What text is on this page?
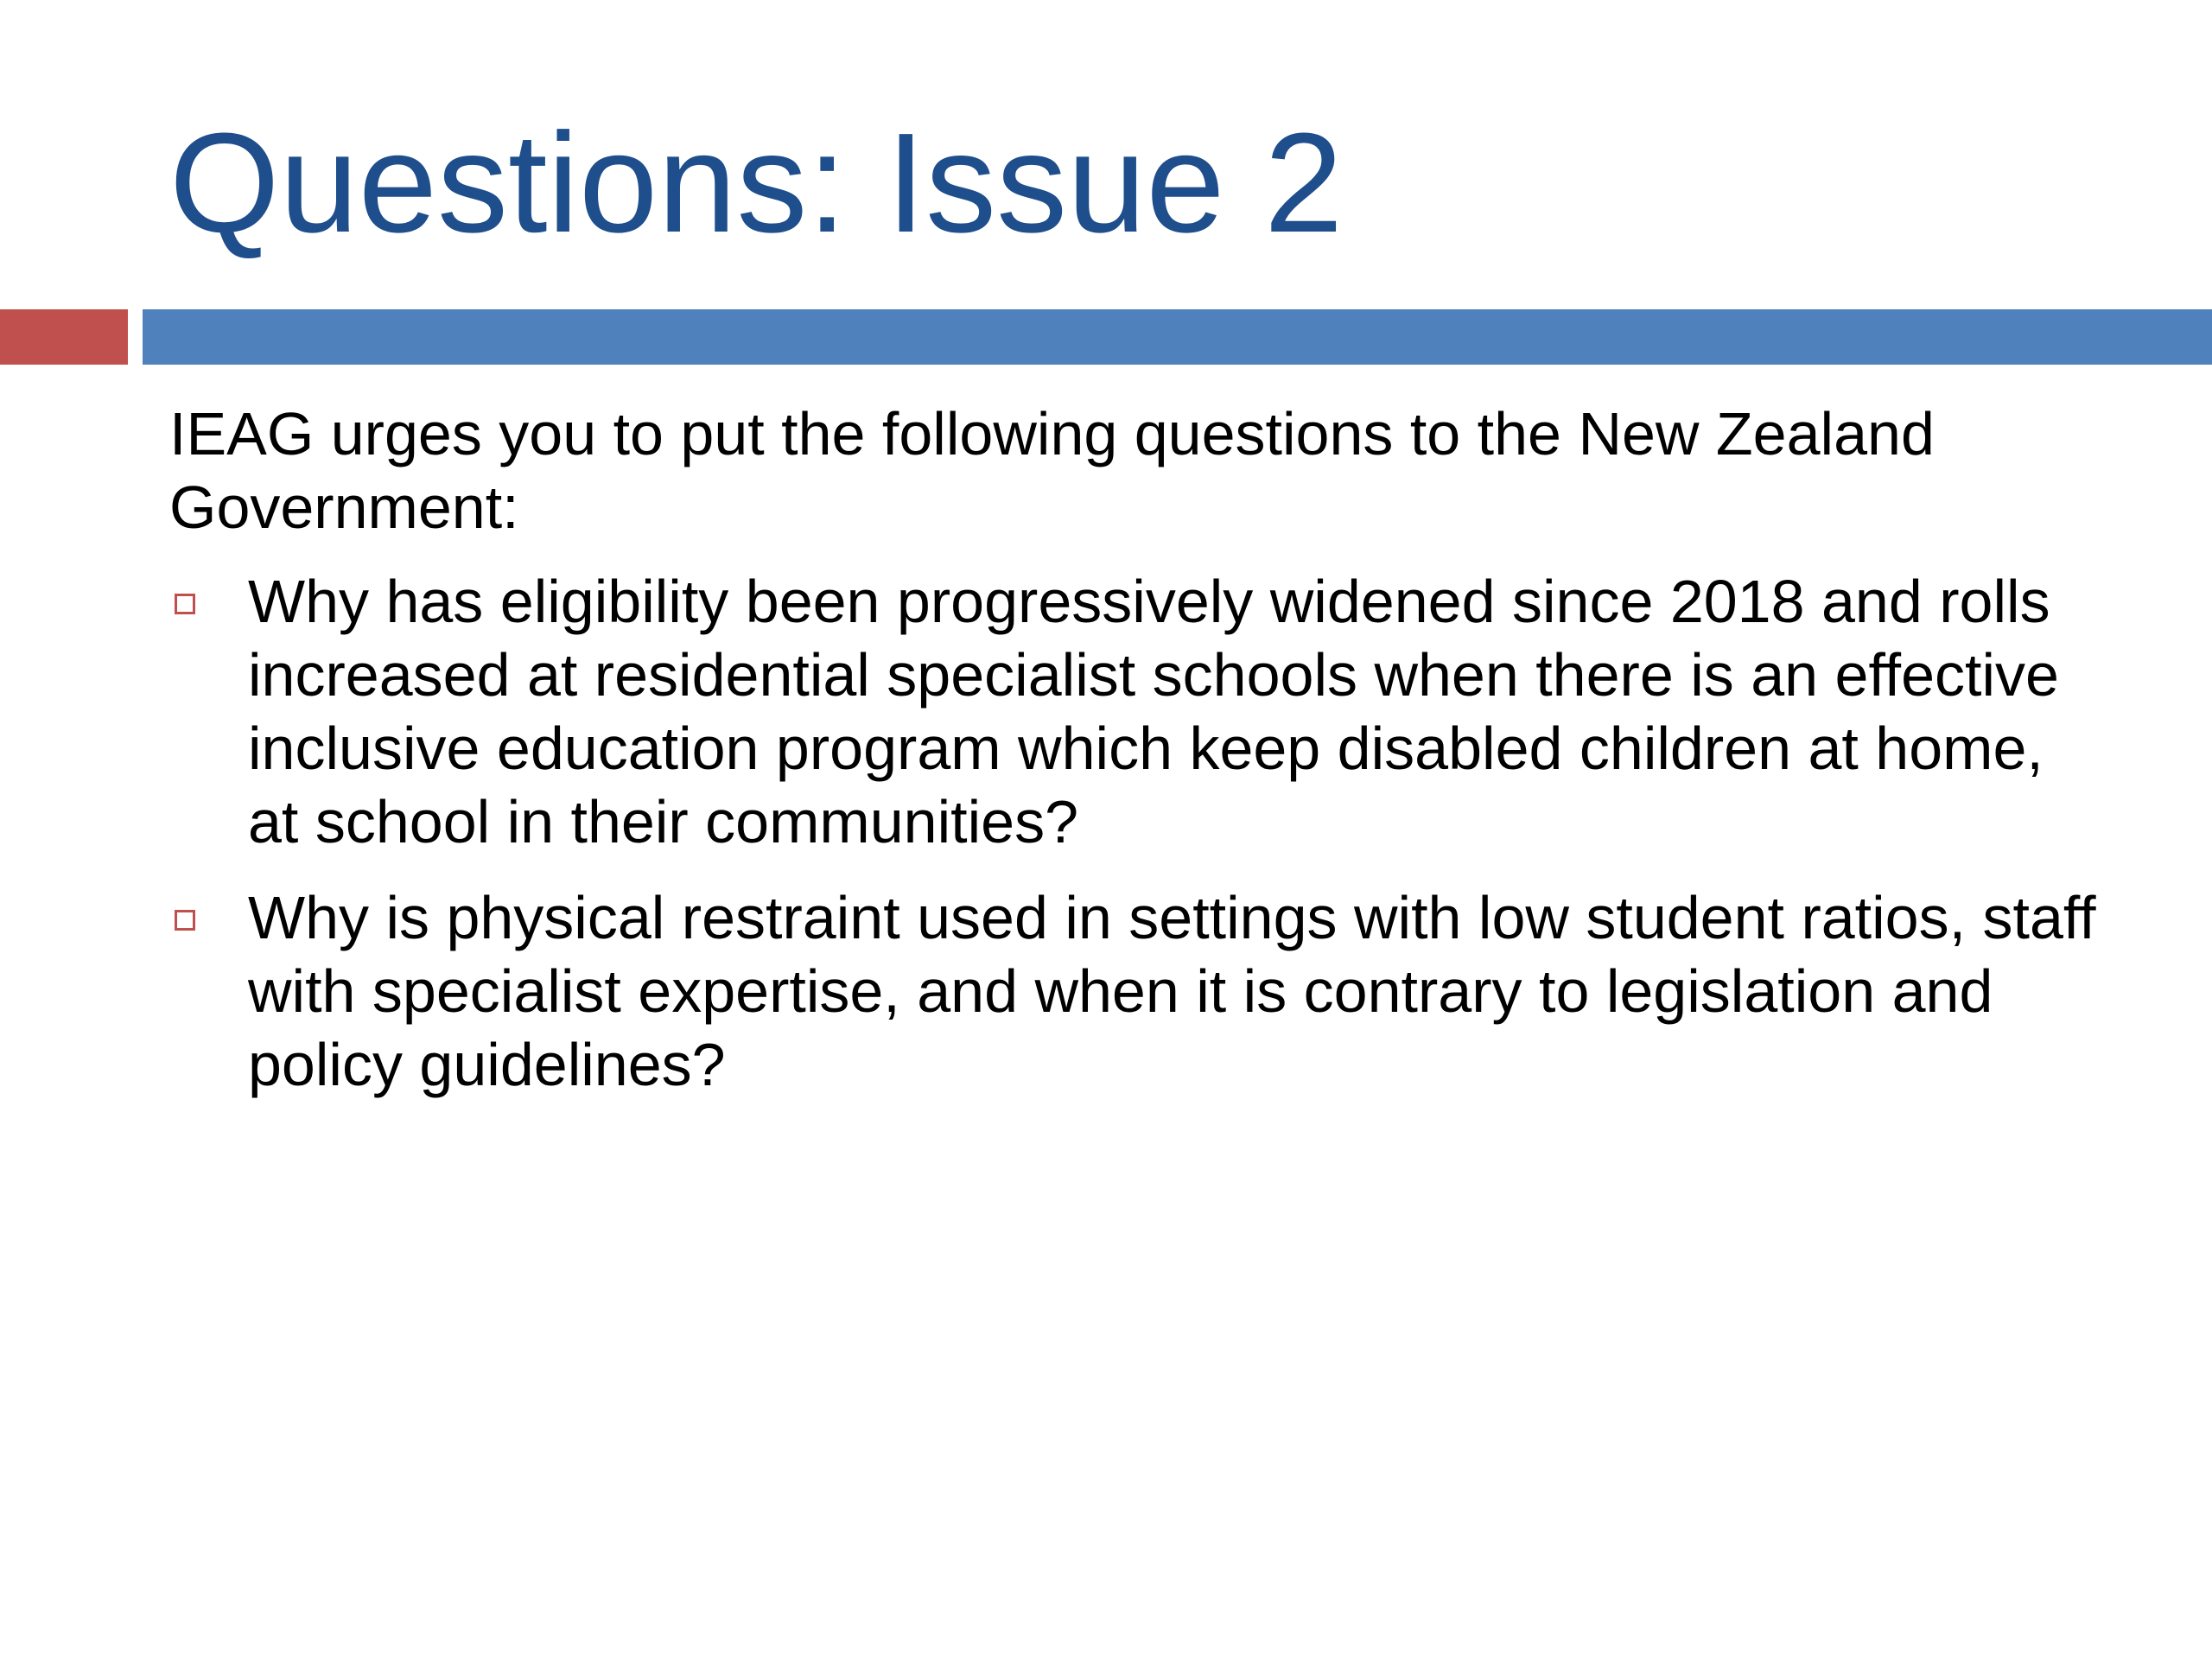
Questions: Issue 2

IEAG urges you to put the following questions to the New Zealand Government:

Why has eligibility been progressively widened since 2018 and rolls increased at residential specialist schools when there is an effective inclusive education program which keep disabled children at home, at school in their communities?
Why is physical restraint used in settings with low student ratios, staff with specialist expertise, and when it is contrary to legislation and policy guidelines?
